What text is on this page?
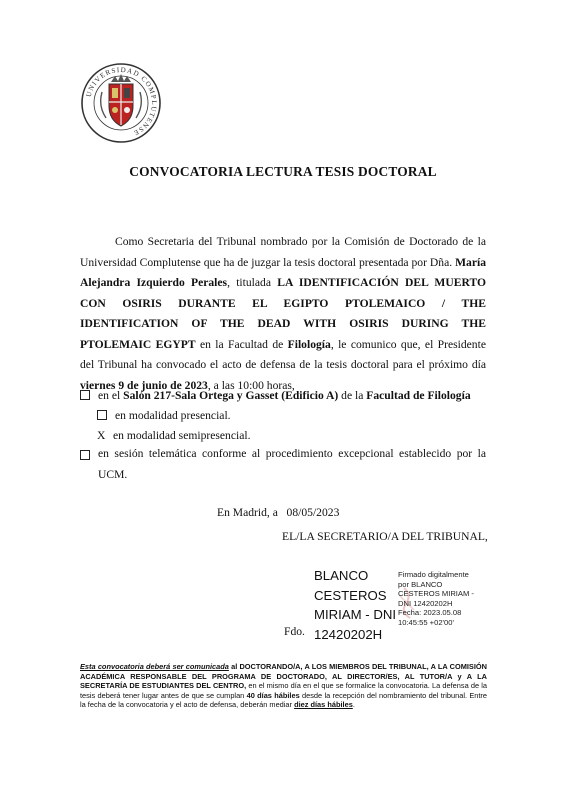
UNIVERSIDAD COMPLUTENSE
CONVOCATORIA LECTURA TESIS DOCTORAL
Como Secretaria del Tribunal nombrado por la Comisión de Doctorado de la Universidad Complutense que ha de juzgar la tesis doctoral presentada por Dña. María Alejandra Izquierdo Perales, titulada LA IDENTIFICACIÓN DEL MUERTO CON OSIRIS DURANTE EL EGIPTO PTOLEMAICO / THE IDENTIFICATION OF THE DEAD WITH OSIRIS DURING THE PTOLEMAIC EGYPT en la Facultad de Filología, le comunico que, el Presidente del Tribunal ha convocado el acto de defensa de la tesis doctoral para el próximo día viernes 9 de junio de 2023, a las 10:00 horas,
en el Salón 217-Sala Ortega y Gasset (Edificio A) de la Facultad de Filología
en modalidad presencial.
X en modalidad semipresencial.
en sesión telemática conforme al procedimiento excepcional establecido por la UCM.
En Madrid, a   08/05/2023
EL/LA SECRETARIO/A DEL TRIBUNAL,
BLANCO
CESTEROS
MIRIAM - DNI
12420202H
Firmado digitalmente
por BLANCO
CESTEROS MIRIAM -
DNI 12420202H
Fecha: 2023.05.08
10:45:55 +02'00'
Fdo.
Esta convocatoria deberá ser comunicada al DOCTORANDO/A, A LOS MIEMBROS DEL TRIBUNAL, A LA COMISIÓN ACADÉMICA RESPONSABLE DEL PROGRAMA DE DOCTORADO, AL DIRECTOR/ES, AL TUTOR/A y A LA SECRETARÍA DE ESTUDIANTES DEL CENTRO, en el mismo día en el que se formalice la convocatoria. La defensa de la tesis deberá tener lugar antes de que se cumplan 40 días hábiles desde la recepción del nombramiento del tribunal. Entre la fecha de la convocatoria y el acto de defensa, deberán mediar diez días hábiles.
